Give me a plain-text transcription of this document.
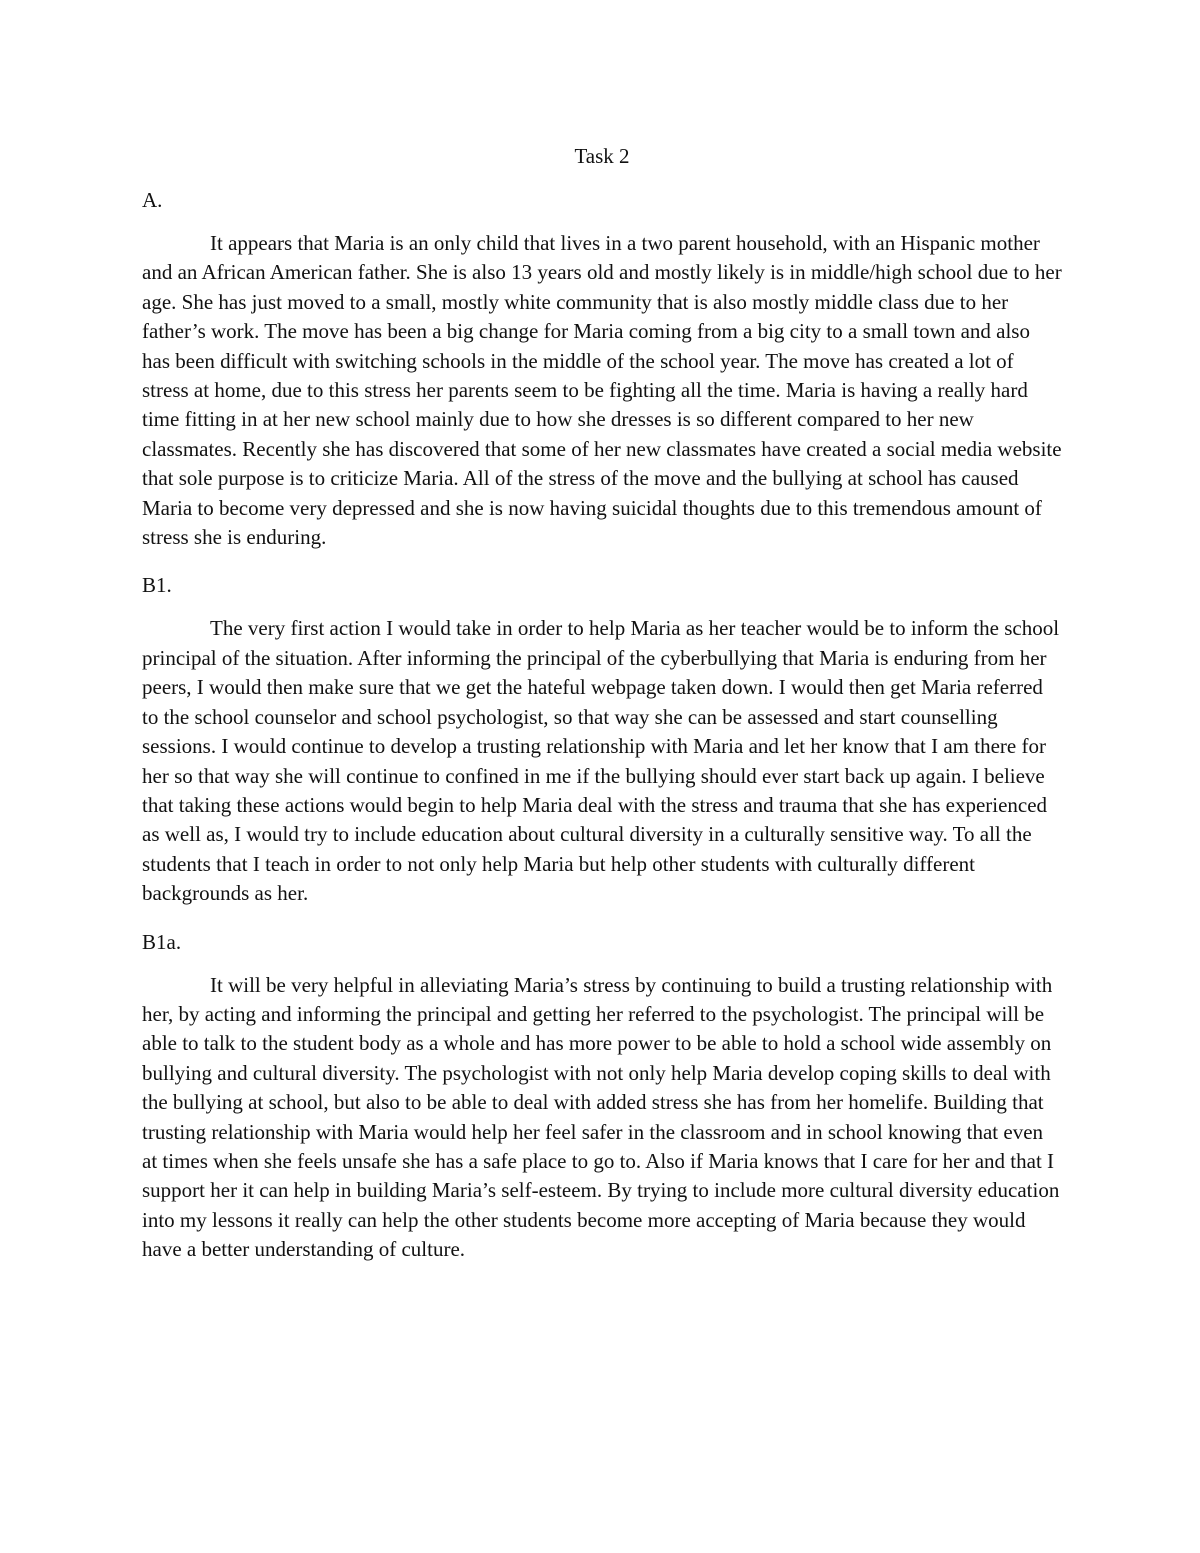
Task 2
A.

It appears that Maria is an only child that lives in a two parent household, with an Hispanic mother and an African American father. She is also 13 years old and mostly likely is in middle/high school due to her age. She has just moved to a small, mostly white community that is also mostly middle class due to her father’s work. The move has been a big change for Maria coming from a big city to a small town and also has been difficult with switching schools in the middle of the school year. The move has created a lot of stress at home, due to this stress her parents seem to be fighting all the time. Maria is having a really hard time fitting in at her new school mainly due to how she dresses is so different compared to her new classmates. Recently she has discovered that some of her new classmates have created a social media website that sole purpose is to criticize Maria. All of the stress of the move and the bullying at school has caused Maria to become very depressed and she is now having suicidal thoughts due to this tremendous amount of stress she is enduring.

B1.

The very first action I would take in order to help Maria as her teacher would be to inform the school principal of the situation. After informing the principal of the cyberbullying that Maria is enduring from her peers, I would then make sure that we get the hateful webpage taken down. I would then get Maria referred to the school counselor and school psychologist, so that way she can be assessed and start counselling sessions. I would continue to develop a trusting relationship with Maria and let her know that I am there for her so that way she will continue to confined in me if the bullying should ever start back up again. I believe that taking these actions would begin to help Maria deal with the stress and trauma that she has experienced as well as, I would try to include education about cultural diversity in a culturally sensitive way. To all the students that I teach in order to not only help Maria but help other students with culturally different backgrounds as her.

B1a.

It will be very helpful in alleviating Maria’s stress by continuing to build a trusting relationship with her, by acting and informing the principal and getting her referred to the psychologist. The principal will be able to talk to the student body as a whole and has more power to be able to hold a school wide assembly on bullying and cultural diversity. The psychologist with not only help Maria develop coping skills to deal with the bullying at school, but also to be able to deal with added stress she has from her homelife. Building that trusting relationship with Maria would help her feel safer in the classroom and in school knowing that even at times when she feels unsafe she has a safe place to go to. Also if Maria knows that I care for her and that I support her it can help in building Maria’s self-esteem. By trying to include more cultural diversity education into my lessons it really can help the other students become more accepting of Maria because they would have a better understanding of culture.
